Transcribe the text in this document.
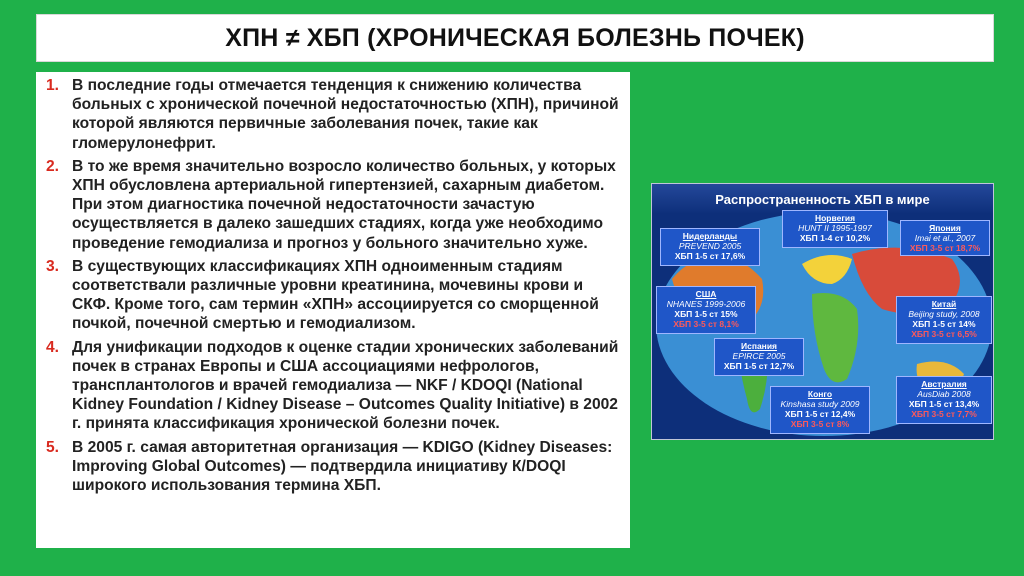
ХПН ≠ ХБП (ХРОНИЧЕСКАЯ БОЛЕЗНЬ ПОЧЕК)
1. В последние годы отмечается тенденция к снижению количества больных с хронической почечной недостаточностью (ХПН), причиной которой являются первичные заболевания почек, такие как гломерулонефрит.
2. В то же время значительно возросло количество больных, у которых ХПН обусловлена артериальной гипертензией, сахарным диабетом. При этом диагностика почечной недостаточности зачастую осуществляется в далеко зашедших стадиях, когда уже необходимо проведение гемодиализа и прогноз у больного значительно хуже.
3. В существующих классификациях ХПН одноименным стадиям соответствали различные уровни креатинина, мочевины крови и СКФ. Кроме того, сам термин «ХПН» ассоциируется со сморщенной почкой, почечной смертью и гемодиализом.
4. Для унификации подходов к оценке стадии хронических заболеваний почек в странах Европы и США ассоциациями нефрологов, трансплантологов и врачей гемодиализа — NKF / KDOQI (National Kidney Foundation / Kidney Disease – Outcomes Quality Initiative) в 2002 г. принята классификация хронической болезни почек.
5. В 2005 г. самая авторитетная организация — KDIGO (Kidney Diseases: Improving Global Outcomes) — подтвердила инициативу К/DOQI широкого использования термина ХБП.
Распространенность ХБП в мире
Нидерланды
PREVEND 2005
ХБП 1-5 ст 17,6%
Норвегия
HUNT II 1995-1997
ХБП 1-4 ст 10,2%
Япония
Imai et al., 2007
ХБП 3-5 ст 18,7%
США
NHANES 1999-2006
ХБП 1-5 ст 15%
ХБП 3-5 ст 8,1%
Китай
Beijing study, 2008
ХБП 1-5 ст 14%
ХБП 3-5 ст 6,5%
Испания
EPIRCE 2005
ХБП 1-5 ст 12,7%
Конго
Kinshasa study 2009
ХБП 1-5 ст 12,4%
ХБП 3-5 ст 8%
Австралия
AusDiab 2008
ХБП 1-5 ст 13,4%
ХБП 3-5 ст 7,7%
